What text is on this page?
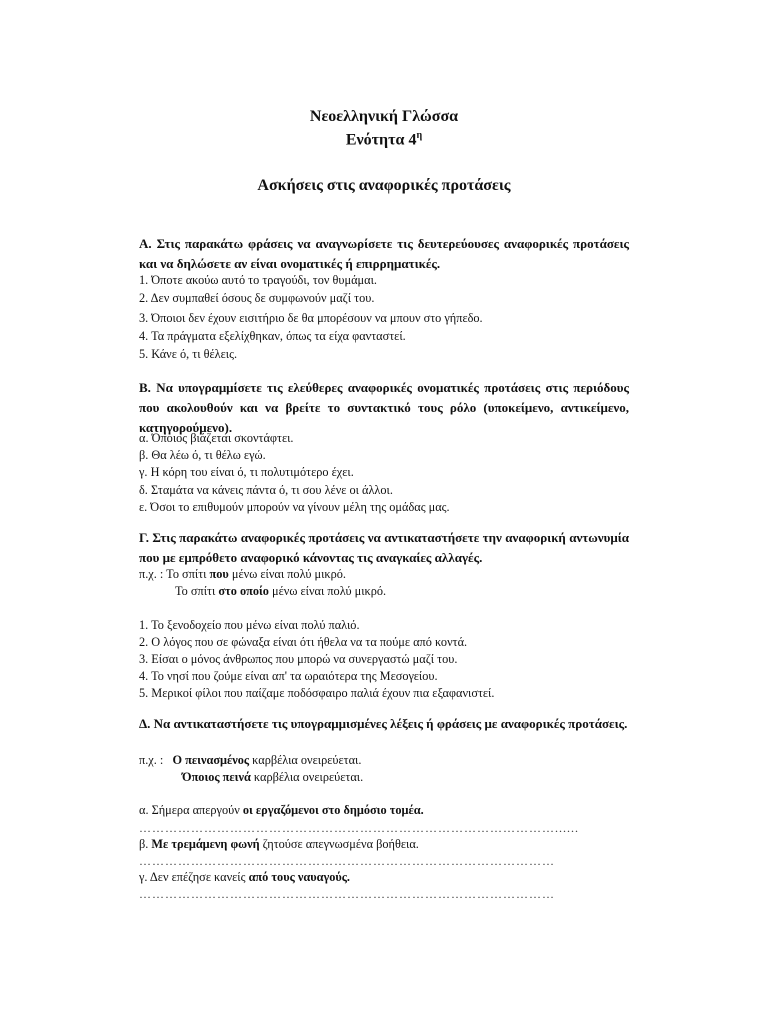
Νεοελληνική Γλώσσα
Ενότητα $4^\eta$
Ασκήσεις στις αναφορικές προτάσεις
Α. Στις παρακάτω φράσεις να αναγνωρίσετε τις δευτερεύουσες αναφορικές προτάσεις και να δηλώσετε αν είναι ονοματικές ή επιρρηματικές.
1. Όποτε ακούω αυτό το τραγούδι, τον θυμάμαι.
2. Δεν συμπαθεί όσους δε συμφωνούν μαζί του.
3. Όποιοι δεν έχουν εισιτήριο δε θα μπορέσουν να μπουν στο γήπεδο.
4. Τα πράγματα εξελίχθηκαν, όπως τα είχα φανταστεί.
5. Κάνε ό, τι θέλεις.
Β. Να υπογραμμίσετε τις ελεύθερες αναφορικές ονοματικές προτάσεις στις περιόδους που ακολουθούν και να βρείτε το συντακτικό τους ρόλο (υποκείμενο, αντικείμενο, κατηγορούμενο).
α. Όποιος βιάζεται σκοντάφτει.
β. Θα λέω ό, τι θέλω εγώ.
γ. Η κόρη του είναι ό, τι πολυτιμότερο έχει.
δ. Σταμάτα να κάνεις πάντα ό, τι σου λένε οι άλλοι.
ε. Όσοι το επιθυμούν μπορούν να γίνουν μέλη της ομάδας μας.
Γ. Στις παρακάτω αναφορικές προτάσεις να αντικαταστήσετε την αναφορική αντωνυμία που με εμπρόθετο αναφορικό κάνοντας τις αναγκαίες αλλαγές.
π.χ. : Το σπίτι που μένω είναι πολύ μικρό.
Το σπίτι στο οποίο μένω είναι πολύ μικρό.
1. Το ξενοδοχείο που μένω είναι πολύ παλιό.
2. Ο λόγος που σε φώναξα είναι ότι ήθελα να τα πούμε από κοντά.
3. Είσαι ο μόνος άνθρωπος που μπορώ να συνεργαστώ μαζί του.
4. Το νησί που ζούμε είναι απ' τα ωραιότερα της Μεσογείου.
5. Μερικοί φίλοι που παίζαμε ποδόσφαιρο παλιά έχουν πια εξαφανιστεί.
Δ. Να αντικαταστήσετε τις υπογραμμισμένες λέξεις ή φράσεις με αναφορικές προτάσεις.
π.χ. : Ο πεινασμένος καρβέλια ονειρεύεται.
Όποιος πεινά καρβέλια ονειρεύεται.
α. Σήμερα απεργούν οι εργαζόμενοι στο δημόσιο τομέα.
……………………………………………………………………………………......
β. Με τρεμάμενη φωνή ζητούσε απεγνωσμένα βοήθεια.
……………………………………………………………………………………
γ. Δεν επέζησε κανείς από τους ναυαγούς.
……………………………………………………………………………………
